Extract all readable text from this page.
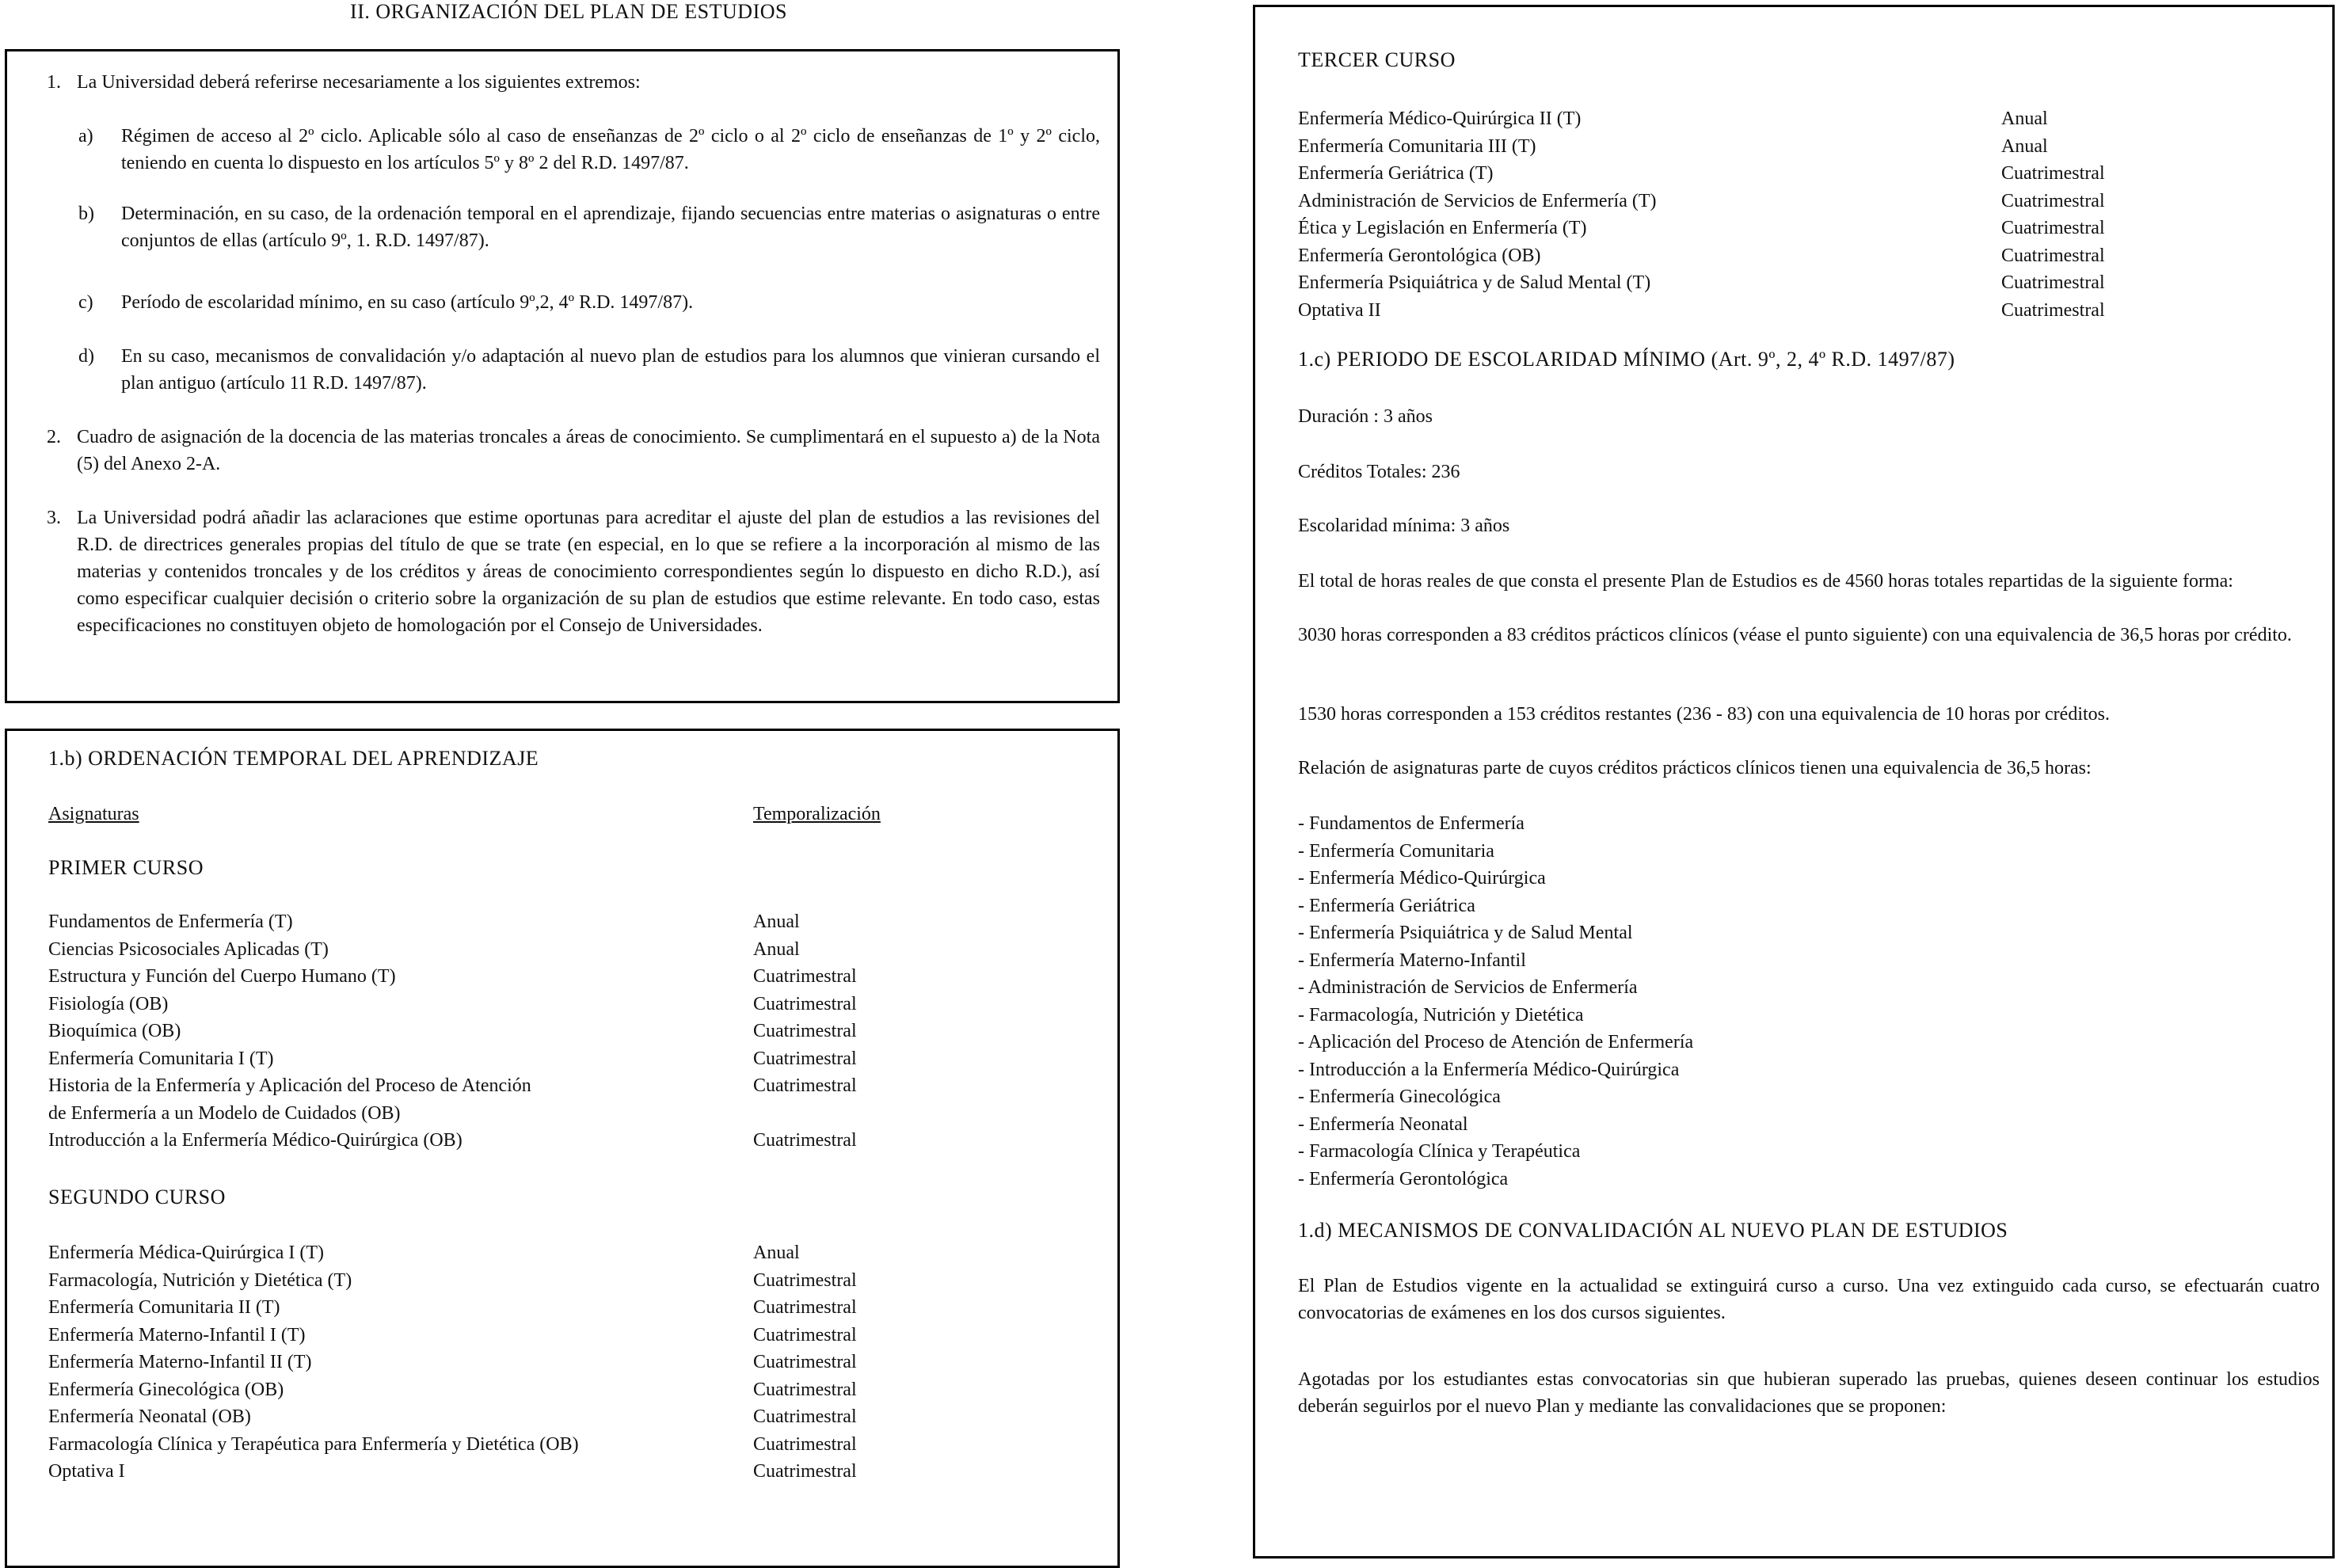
II. ORGANIZACIÓN DEL PLAN DE ESTUDIOS
1. La Universidad deberá referirse necesariamente a los siguientes extremos:
a) Régimen de acceso al 2º ciclo. Aplicable sólo al caso de enseñanzas de 2º ciclo o al 2º ciclo de enseñanzas de 1º y 2º ciclo, teniendo en cuenta lo dispuesto en los artículos 5º y 8º 2 del R.D. 1497/87.
b) Determinación, en su caso, de la ordenación temporal en el aprendizaje, fijando secuencias entre materias o asignaturas o entre conjuntos de ellas (artículo 9º, 1. R.D. 1497/87).
c) Período de escolaridad mínimo, en su caso (artículo 9º,2, 4º R.D. 1497/87).
d) En su caso, mecanismos de convalidación y/o adaptación al nuevo plan de estudios para los alumnos que vinieran cursando el plan antiguo (artículo 11 R.D. 1497/87).
2. Cuadro de asignación de la docencia de las materias troncales a áreas de conocimiento. Se cumplimentará en el supuesto a) de la Nota (5) del Anexo 2-A.
3. La Universidad podrá añadir las aclaraciones que estime oportunas para acreditar el ajuste del plan de estudios a las revisiones del R.D. de directrices generales propias del título de que se trate (en especial, en lo que se refiere a la incorporación al mismo de las materias y contenidos troncales y de los créditos y áreas de conocimiento correspondientes según lo dispuesto en dicho R.D.), así como especificar cualquier decisión o criterio sobre la organización de su plan de estudios que estime relevante. En todo caso, estas especificaciones no constituyen objeto de homologación por el Consejo de Universidades.
1.b) ORDENACIÓN TEMPORAL DEL APRENDIZAJE
Asignaturas	Temporalización
PRIMER CURSO
Fundamentos de Enfermería (T)	Anual
Ciencias Psicosociales Aplicadas (T)	Anual
Estructura y Función del Cuerpo Humano (T)	Cuatrimestral
Fisiología (OB)	Cuatrimestral
Bioquímica (OB)	Cuatrimestral
Enfermería Comunitaria I (T)	Cuatrimestral
Historia de la Enfermería y Aplicación del Proceso de Atención	Cuatrimestral
de Enfermería a un Modelo de Cuidados (OB)
Introducción a la Enfermería Médico-Quirúrgica (OB)	Cuatrimestral
SEGUNDO CURSO
Enfermería Médica-Quirúrgica I (T)	Anual
Farmacología, Nutrición y Dietética (T)	Cuatrimestral
Enfermería Comunitaria II (T)	Cuatrimestral
Enfermería Materno-Infantil I (T)	Cuatrimestral
Enfermería Materno-Infantil II (T)	Cuatrimestral
Enfermería Ginecológica (OB)	Cuatrimestral
Enfermería Neonatal (OB)	Cuatrimestral
Farmacología Clínica y Terapéutica para Enfermería y Dietética (OB)	Cuatrimestral
Optativa I	Cuatrimestral
TERCER CURSO
Enfermería Médico-Quirúrgica II (T)	Anual
Enfermería Comunitaria III (T)	Anual
Enfermería Geriátrica (T)	Cuatrimestral
Administración de Servicios de Enfermería (T)	Cuatrimestral
Ética y Legislación en Enfermería (T)	Cuatrimestral
Enfermería Gerontológica (OB)	Cuatrimestral
Enfermería Psiquiátrica y de Salud Mental (T)	Cuatrimestral
Optativa II	Cuatrimestral
1.c) PERIODO DE ESCOLARIDAD MÍNIMO (Art. 9º, 2, 4º R.D. 1497/87)
Duración : 3 años
Créditos Totales: 236
Escolaridad mínima: 3 años
El total de horas reales de que consta el presente Plan de Estudios es de 4560 horas totales repartidas de la siguiente forma:
3030 horas corresponden a 83 créditos prácticos clínicos (véase el punto siguiente) con una equivalencia de 36,5 horas por crédito.
1530 horas corresponden a 153 créditos restantes (236 - 83) con una equivalencia de 10 horas por créditos.
Relación de asignaturas parte de cuyos créditos prácticos clínicos tienen una equivalencia de 36,5 horas:
- Fundamentos de Enfermería
- Enfermería Comunitaria
- Enfermería Médico-Quirúrgica
- Enfermería Geriátrica
- Enfermería Psiquiátrica y de Salud Mental
- Enfermería Materno-Infantil
- Administración de Servicios de Enfermería
- Farmacología, Nutrición y Dietética
- Aplicación del Proceso de Atención de Enfermería
- Introducción a la Enfermería Médico-Quirúrgica
- Enfermería Ginecológica
- Enfermería Neonatal
- Farmacología Clínica y Terapéutica
- Enfermería Gerontológica
1.d) MECANISMOS DE CONVALIDACIÓN AL NUEVO PLAN DE ESTUDIOS
El Plan de Estudios vigente en la actualidad se extinguirá curso a curso. Una vez extinguido cada curso, se efectuarán cuatro convocatorias de exámenes en los dos cursos siguientes.
Agotadas por los estudiantes estas convocatorias sin que hubieran superado las pruebas, quienes deseen continuar los estudios deberán seguirlos por el nuevo Plan y mediante las convalidaciones que se proponen:
